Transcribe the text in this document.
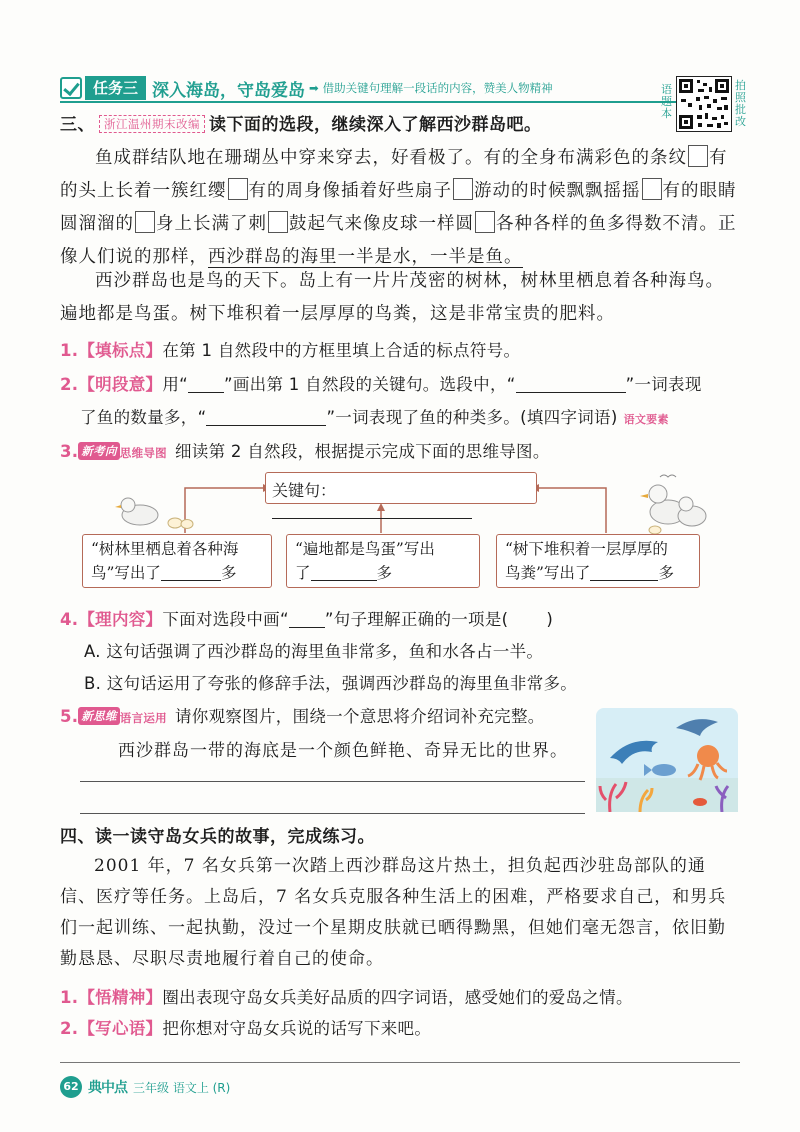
任务三 深入海岛，守岛爱岛 ➡ 借助关键句理解一段话的内容，赞美人物精神	语题本
拍照批改
三、 浙江温州期末改编 读下面的选段，继续深入了解西沙群岛吧。
鱼成群结队地在珊瑚丛中穿来穿去，好看极了。有的全身布满彩色的条纹 有的头上长着一簇红缨 有的周身像插着好些扇子 游动的时候飘飘摇摇 有的眼睛圆溜溜的 身上长满了刺 鼓起气来像皮球一样圆 各种各样的鱼多得数不清。正像人们说的那样，西沙群岛的海里一半是水，一半是鱼。
西沙群岛也是鸟的天下。岛上有一片片茂密的树林，树林里栖息着各种海鸟。遍地都是鸟蛋。树下堆积着一层厚厚的鸟粪，这是非常宝贵的肥料。
1.【填标点】在第 1 自然段中的方框里填上合适的标点符号。
2.【明段意】用“ ”画出第 1 自然段的关键句。选段中，“	”一词表现
了鱼的数量多，“	”一词表现了鱼的种类多。(填四字词语) 语文要素
3. 新考向 思维导图 细读第 2 自然段，根据提示完成下面的思维导图。
关键句：
“树林里栖息着各种海
鸟”写出了	多
“遍地都是鸟蛋”写出
了	多
“树下堆积着一层厚厚的
鸟粪”写出了	多
4.【理内容】下面对选段中画“ ”句子理解正确的一项是( )
A. 这句话强调了西沙群岛的海里鱼非常多，鱼和水各占一半。
B. 这句话运用了夸张的修辞手法，强调西沙群岛的海里鱼非常多。
5. 新思维 语言运用 请你观察图片，围绕一个意思将介绍词补充完整。
西沙群岛一带的海底是一个颜色鲜艳、奇异无比的世界。
四、读一读守岛女兵的故事，完成练习。
2001 年，7 名女兵第一次踏上西沙群岛这片热土，担负起西沙驻岛部队的通信、医疗等任务。上岛后，7 名女兵克服各种生活上的困难，严格要求自己，和男兵们一起训练、一起执勤，没过一个星期皮肤就已晒得黝黑，但她们毫无怨言，依旧勤勤恳恳、尽职尽责地履行着自己的使命。
1.【悟精神】圈出表现守岛女兵美好品质的四字词语，感受她们的爱岛之情。
2.【写心语】把你想对守岛女兵说的话写下来吧。
62 典中点 三年级 语文上 (R)
